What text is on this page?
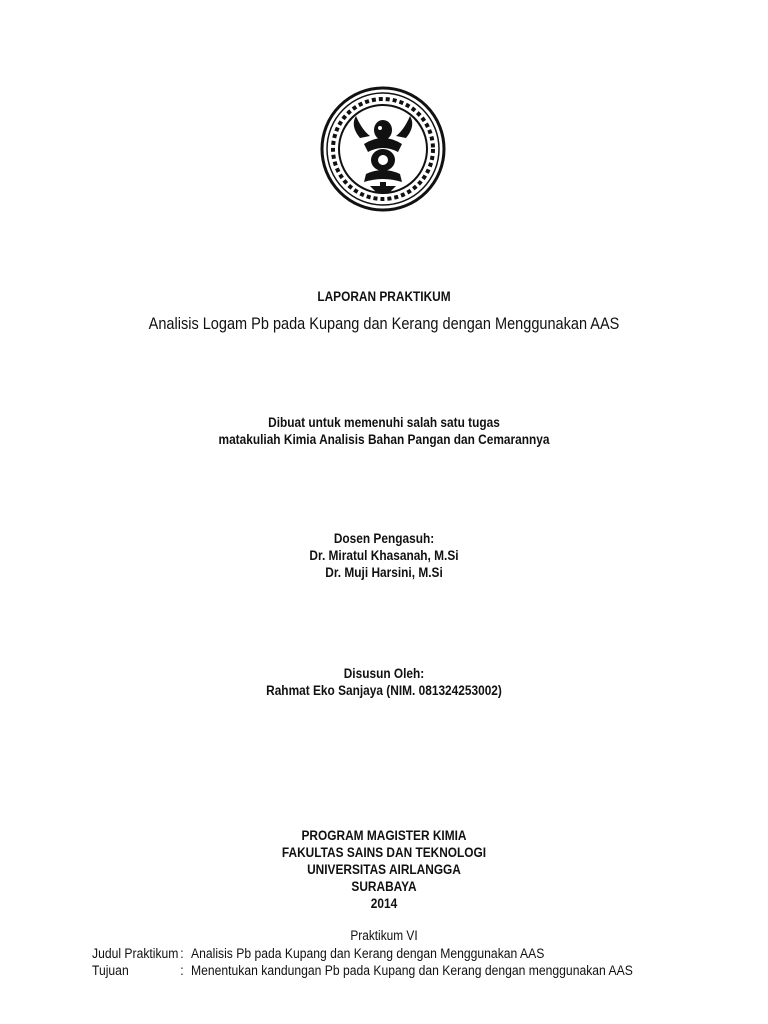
LAPORAN PRAKTIKUM
Analisis Logam Pb pada Kupang dan Kerang dengan Menggunakan AAS
Dibuat untuk memenuhi salah satu tugas
matakuliah Kimia Analisis Bahan Pangan dan Cemarannya
Dosen Pengasuh:
Dr. Miratul Khasanah, M.Si
Dr. Muji Harsini, M.Si
Disusun Oleh:
Rahmat Eko Sanjaya (NIM. 081324253002)
PROGRAM MAGISTER KIMIA
FAKULTAS SAINS DAN TEKNOLOGI
UNIVERSITAS AIRLANGGA
SURABAYA
2014
Praktikum VI
Judul Praktikum : Analisis Pb pada Kupang dan Kerang dengan Menggunakan AAS
Tujuan	: Menentukan kandungan Pb pada Kupang dan Kerang dengan menggunakan AAS
